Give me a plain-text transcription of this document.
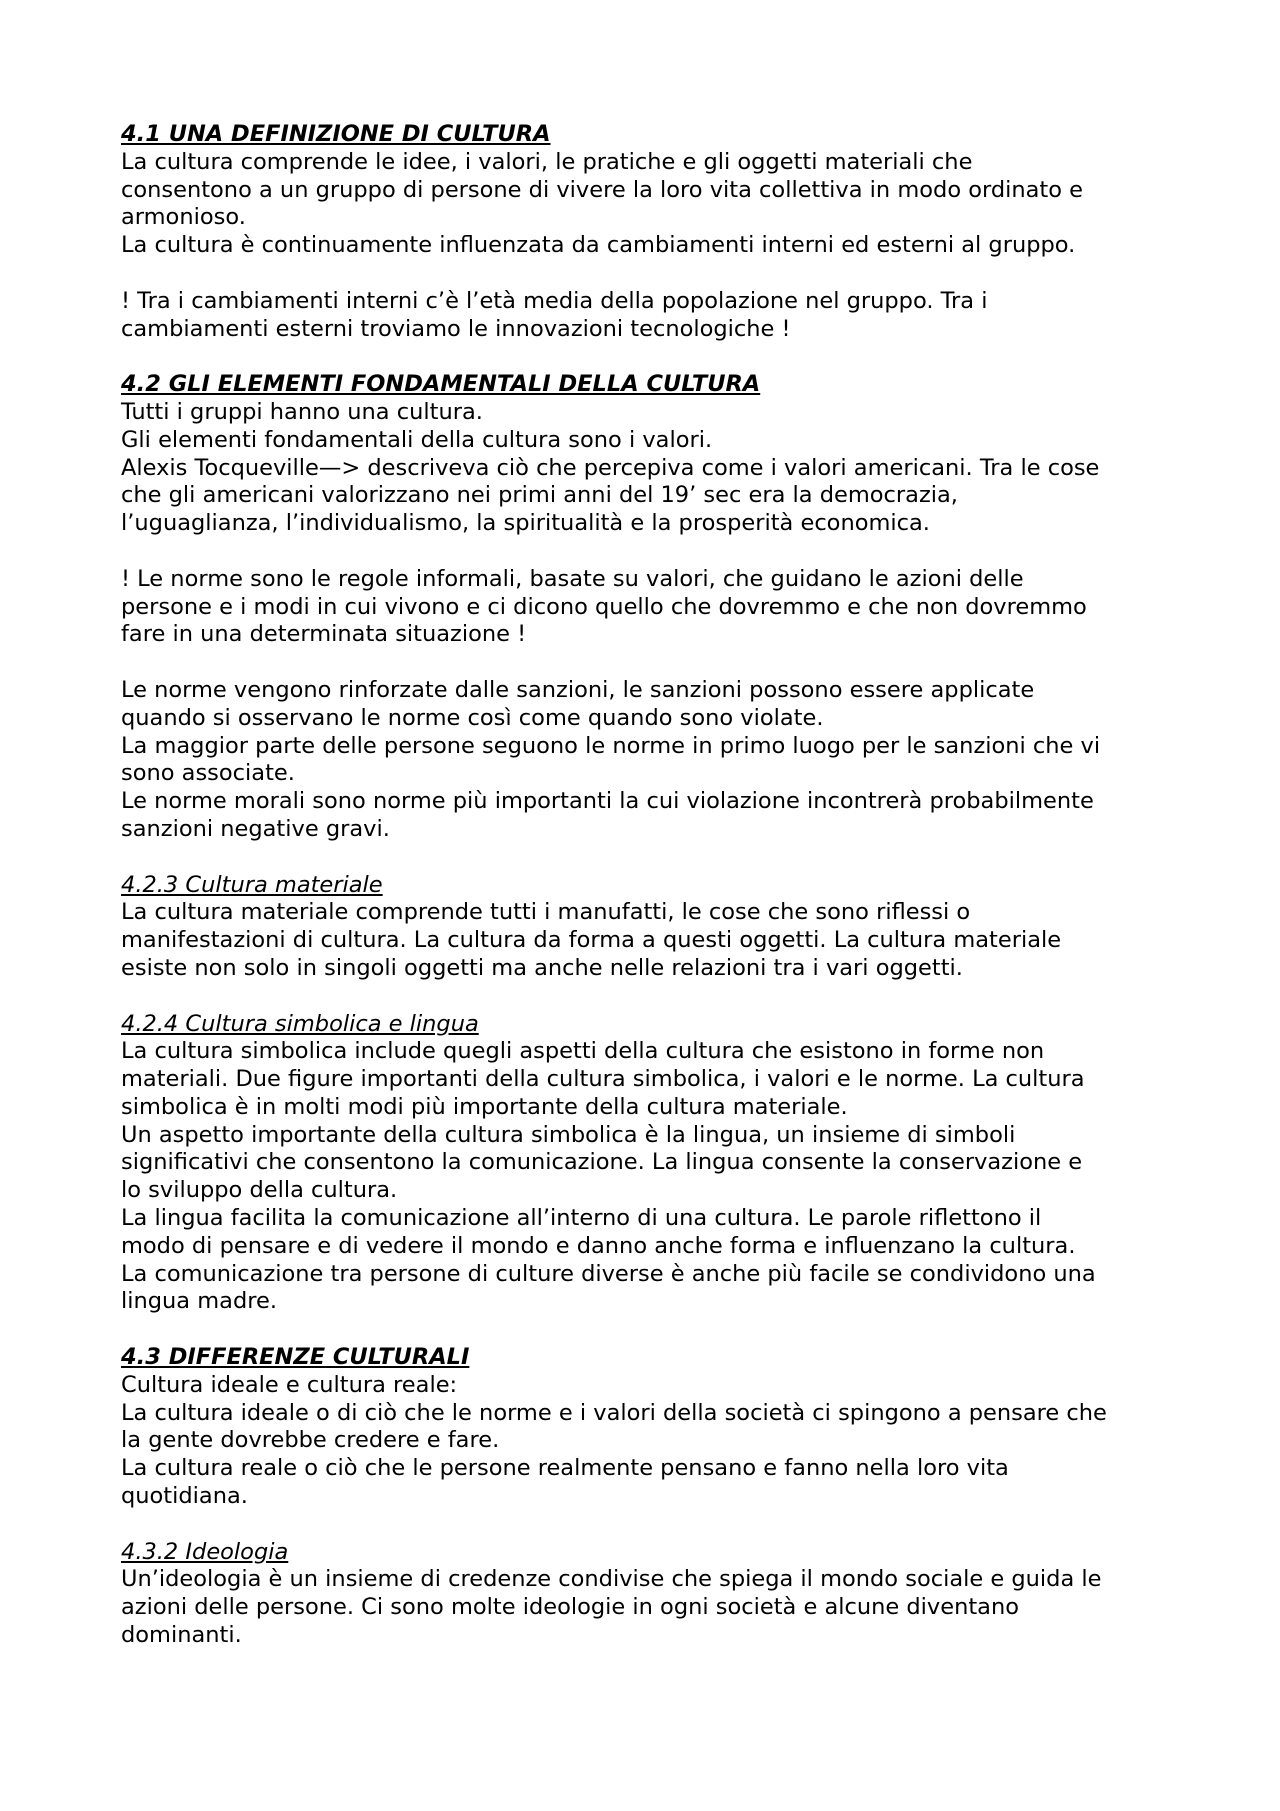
4.1 UNA DEFINIZIONE DI CULTURA
La cultura comprende le idee, i valori, le pratiche e gli oggetti materiali che
consentono a un gruppo di persone di vivere la loro vita collettiva in modo ordinato e
armonioso.
La cultura è continuamente influenzata da cambiamenti interni ed esterni al gruppo.
! Tra i cambiamenti interni c’è l’età media della popolazione nel gruppo. Tra i
cambiamenti esterni troviamo le innovazioni tecnologiche !
4.2 GLI ELEMENTI FONDAMENTALI DELLA CULTURA
Tutti i gruppi hanno una cultura.
Gli elementi fondamentali della cultura sono i valori.
Alexis Tocqueville—> descriveva ciò che percepiva come i valori americani. Tra le cose
che gli americani valorizzano nei primi anni del 19’ sec era la democrazia,
l’uguaglianza, l’individualismo, la spiritualità e la prosperità economica.
! Le norme sono le regole informali, basate su valori, che guidano le azioni delle
persone e i modi in cui vivono e ci dicono quello che dovremmo e che non dovremmo
fare in una determinata situazione !
Le norme vengono rinforzate dalle sanzioni, le sanzioni possono essere applicate
quando si osservano le norme così come quando sono violate.
La maggior parte delle persone seguono le norme in primo luogo per le sanzioni che vi
sono associate.
Le norme morali sono norme più importanti la cui violazione incontrerà probabilmente
sanzioni negative gravi.
4.2.3 Cultura materiale
La cultura materiale comprende tutti i manufatti, le cose che sono riflessi o
manifestazioni di cultura. La cultura da forma a questi oggetti. La cultura materiale
esiste non solo in singoli oggetti ma anche nelle relazioni tra i vari oggetti.
4.2.4 Cultura simbolica e lingua
La cultura simbolica include quegli aspetti della cultura che esistono in forme non
materiali. Due figure importanti della cultura simbolica, i valori e le norme. La cultura
simbolica è in molti modi più importante della cultura materiale.
Un aspetto importante della cultura simbolica è la lingua, un insieme di simboli
significativi che consentono la comunicazione. La lingua consente la conservazione e
lo sviluppo della cultura.
La lingua facilita la comunicazione all’interno di una cultura. Le parole riflettono il
modo di pensare e di vedere il mondo e danno anche forma e influenzano la cultura.
La comunicazione tra persone di culture diverse è anche più facile se condividono una
lingua madre.
4.3 DIFFERENZE CULTURALI
Cultura ideale e cultura reale:
La cultura ideale o di ciò che le norme e i valori della società ci spingono a pensare che
la gente dovrebbe credere e fare.
La cultura reale o ciò che le persone realmente pensano e fanno nella loro vita
quotidiana.
4.3.2 Ideologia
Un’ideologia è un insieme di credenze condivise che spiega il mondo sociale e guida le
azioni delle persone. Ci sono molte ideologie in ogni società e alcune diventano
dominanti.
